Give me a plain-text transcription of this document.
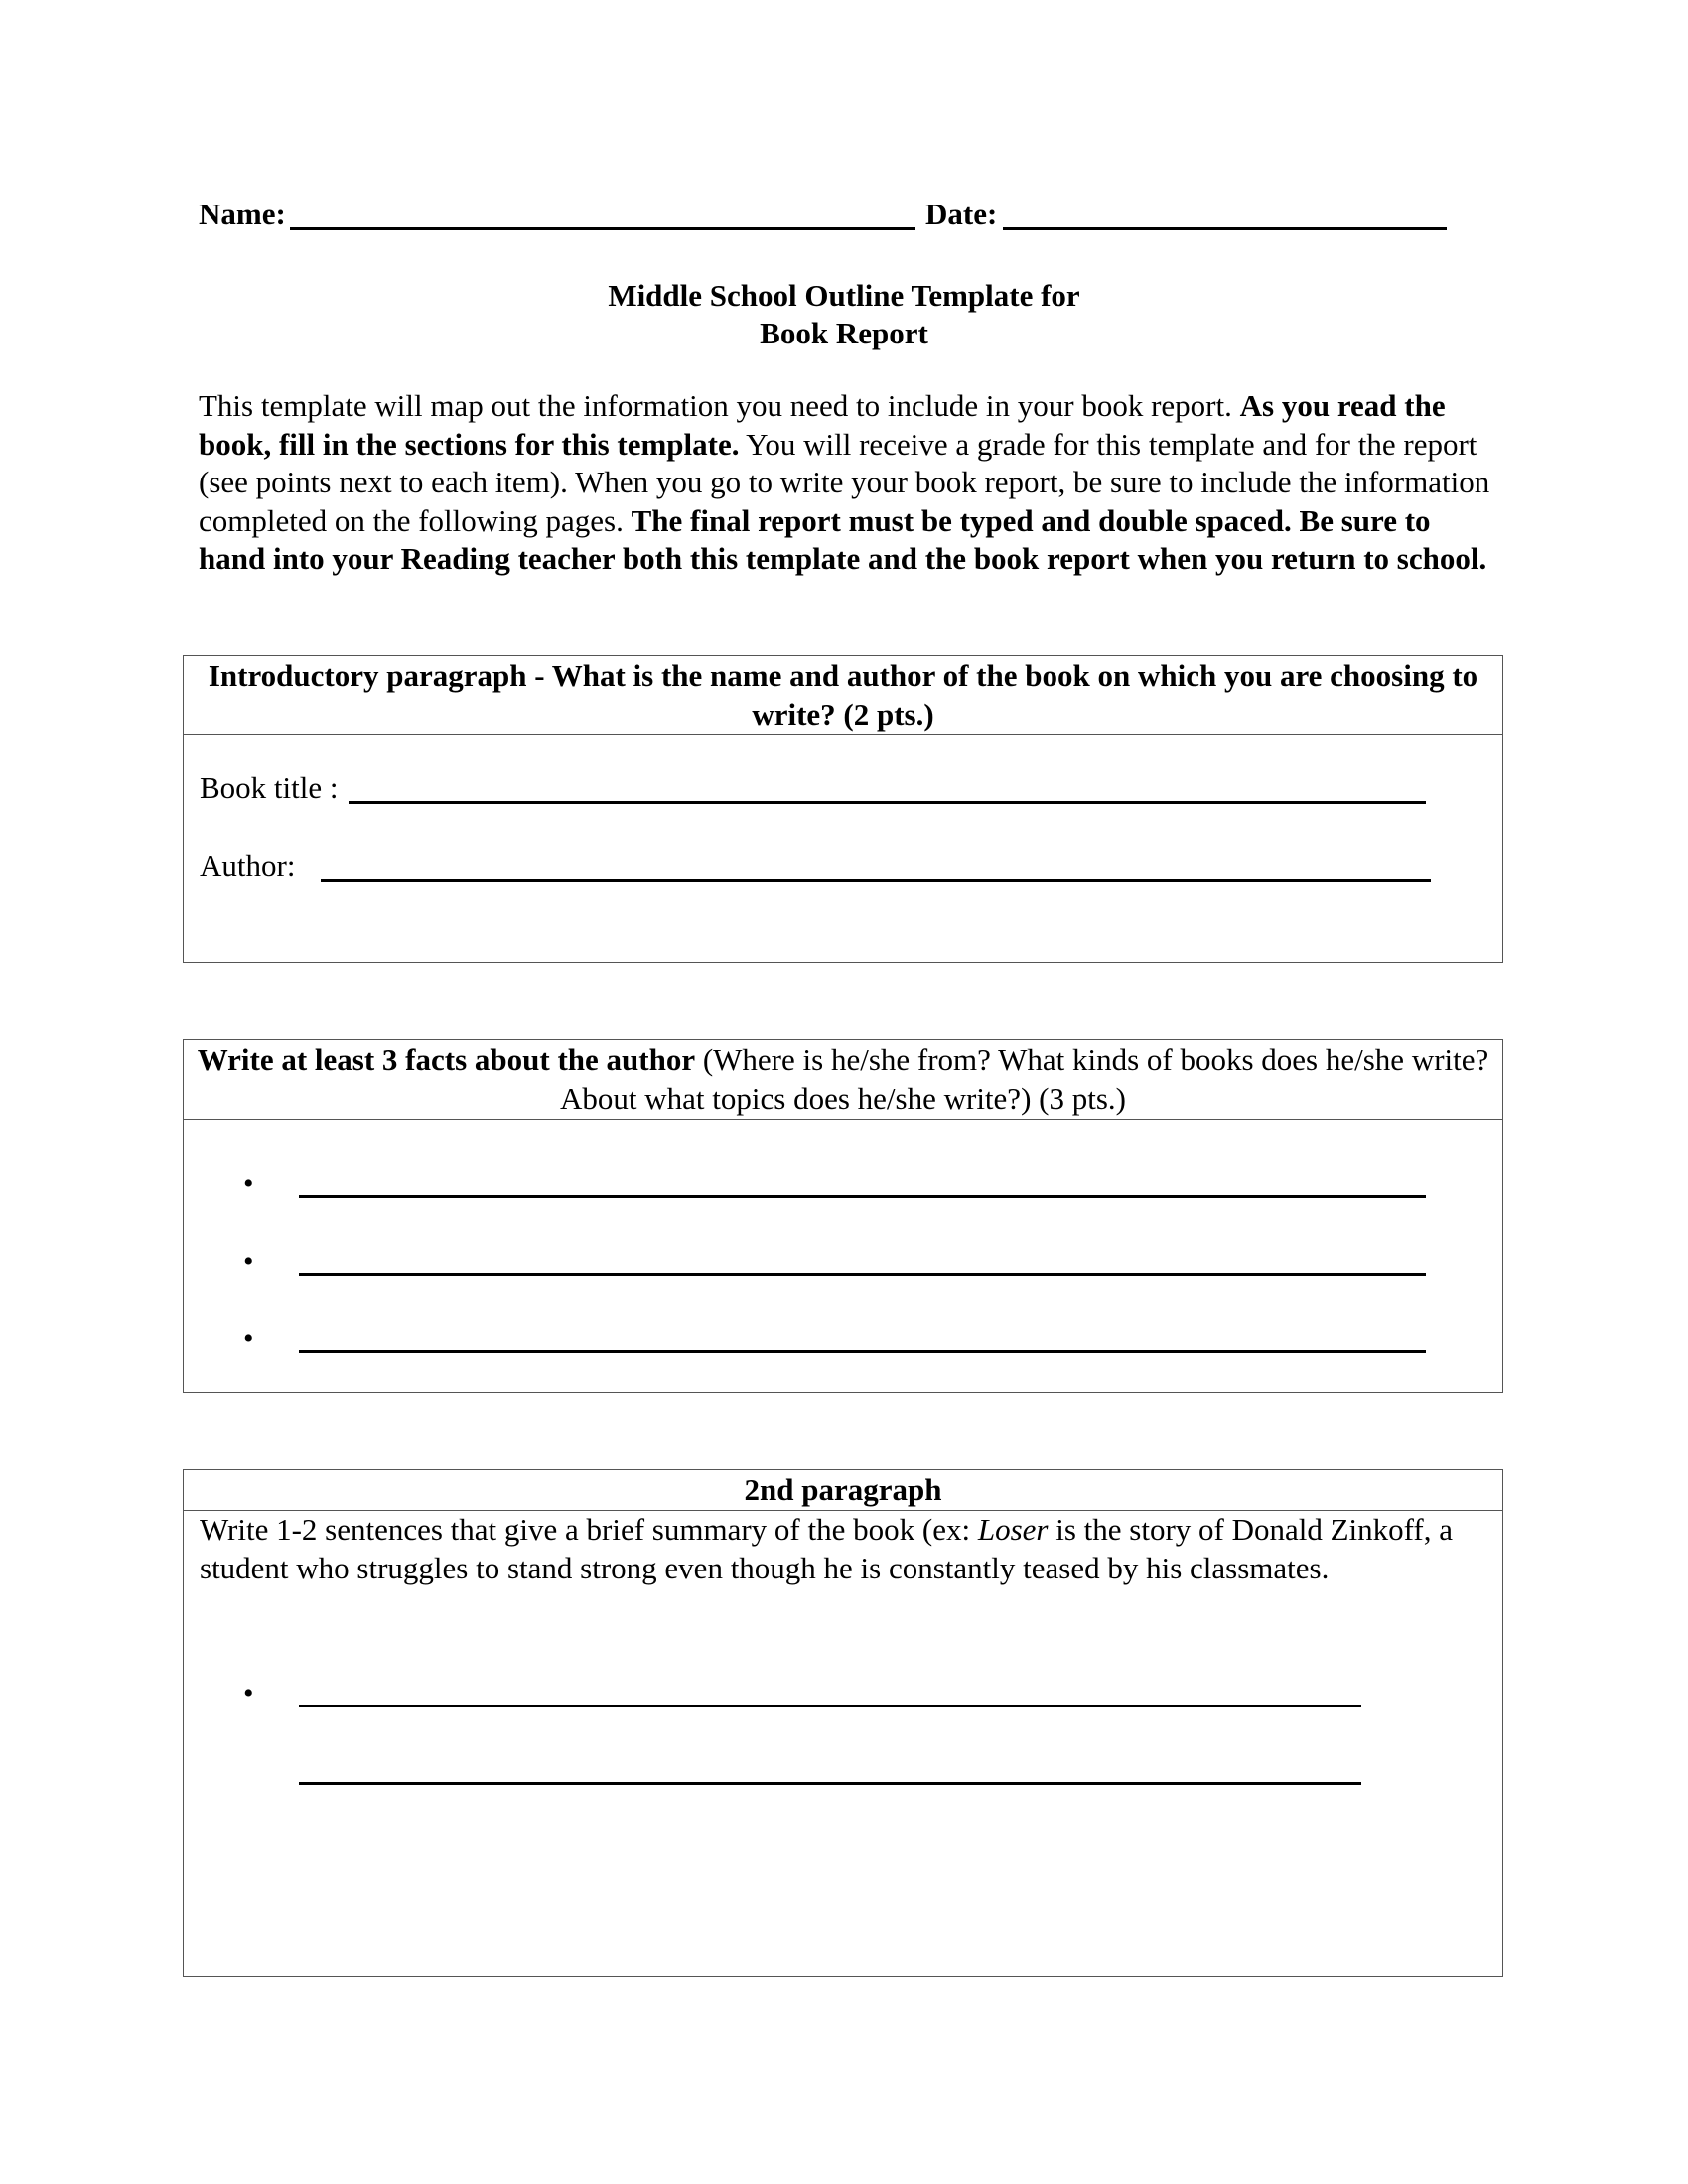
Name:	Date:
Middle School Outline Template for
Book Report
This template will map out the information you need to include in your book report. As you read the book, fill in the sections for this template. You will receive a grade for this template and for the report (see points next to each item). When you go to write your book report, be sure to include the information completed on the following pages. The final report must be typed and double spaced. Be sure to hand into your Reading teacher both this template and the book report when you return to school.
Introductory paragraph - What is the name and author of the book on which you are choosing to write? (2 pts.)
Book title :
Author:
Write at least 3 facts about the author (Where is he/she from? What kinds of books does he/she write? About what topics does he/she write?) (3 pts.)
•
•
•
2nd paragraph
Write 1-2 sentences that give a brief summary of the book (ex: Loser is the story of Donald Zinkoff, a student who struggles to stand strong even though he is constantly teased by his classmates.
•
